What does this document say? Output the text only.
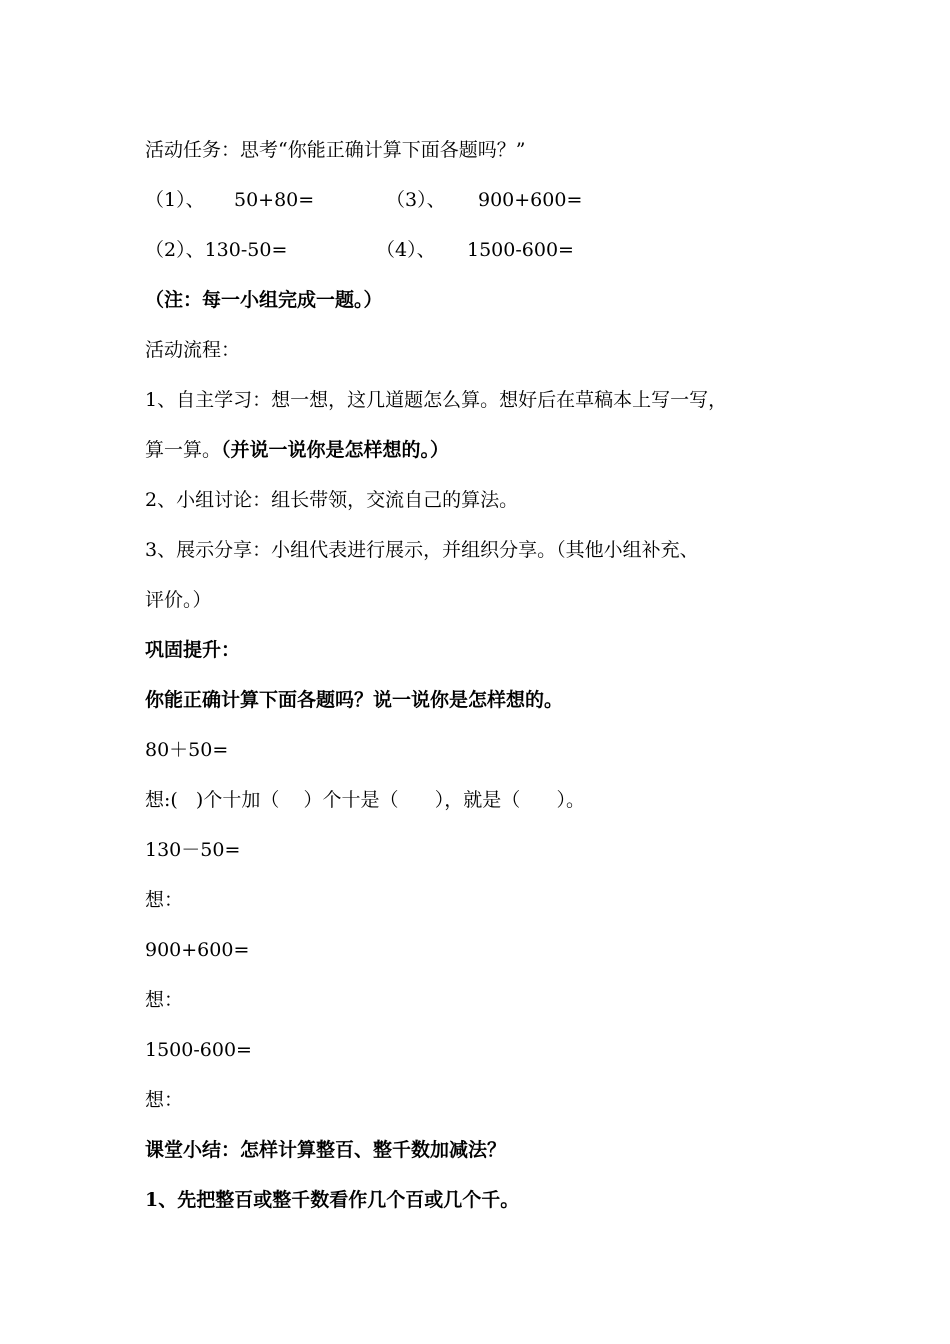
活动任务：思考“你能正确计算下面各题吗？”
（1）、 50+80=	（3）、 900+600=
（2）、130-50=	（4）、 1500-600=
（注：每一小组完成一题。）
活动流程：
1、自主学习：想一想，这几道题怎么算。想好后在草稿本上写一写，
算一算。（并说一说你是怎样想的。）
2、小组讨论：组长带领，交流自己的算法。
3、展示分享：小组代表进行展示，并组织分享。（其他小组补充、
评价。）
巩固提升：
你能正确计算下面各题吗？说一说你是怎样想的。
80＋50=
想:(   )个十加（    ）个十是（      ），就是（      ）。
130－50=
想：
900+600=
想：
1500-600=
想：
课堂小结：怎样计算整百、整千数加减法？
1、先把整百或整千数看作几个百或几个千。
